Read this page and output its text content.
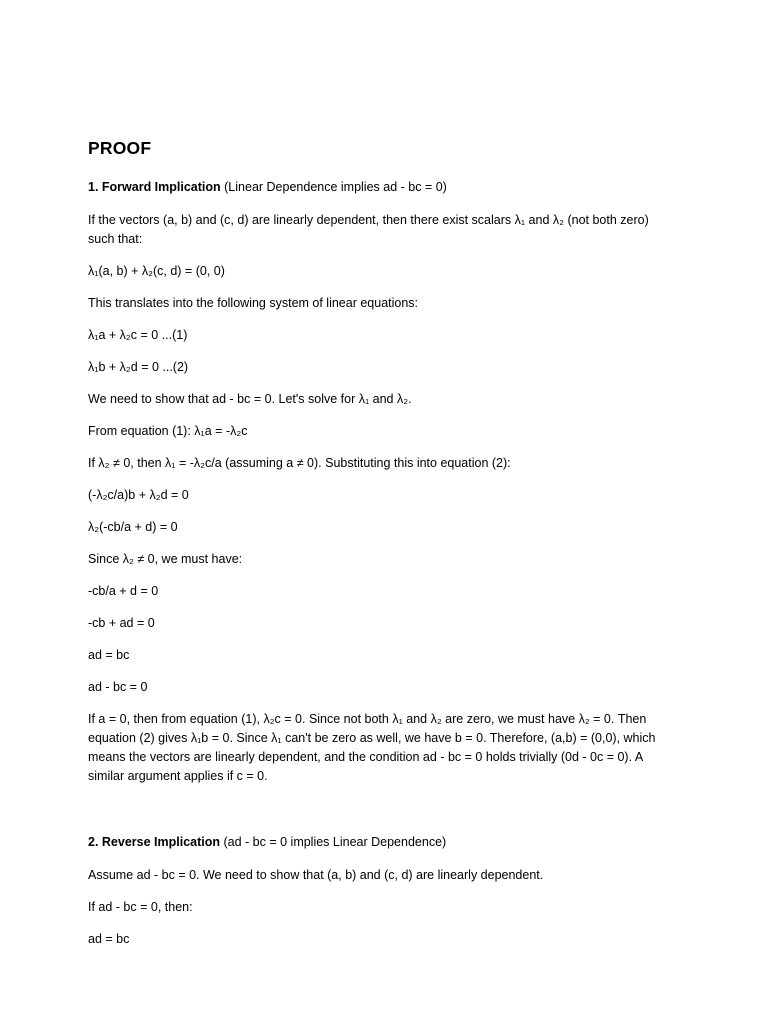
PROOF

1. Forward Implication (Linear Dependence implies ad - bc = 0)

If the vectors (a, b) and (c, d) are linearly dependent, then there exist scalars λ₁ and λ₂ (not both zero)

such that:

λ₁(a, b) + λ₂(c, d) = (0, 0)

This translates into the following system of linear equations:

λ₁a + λ₂c = 0 ...(1)

λ₁b + λ₂d = 0 ...(2)

We need to show that ad - bc = 0. Let's solve for λ₁ and λ₂.

From equation (1): λ₁a = -λ₂c

If λ₂ ≠ 0, then λ₁ = -λ₂c/a (assuming a ≠ 0). Substituting this into equation (2):

(-λ₂c/a)b + λ₂d = 0

λ₂(-cb/a + d) = 0

Since λ₂ ≠ 0, we must have:

-cb/a + d = 0

-cb + ad = 0

ad = bc

ad - bc = 0

If a = 0, then from equation (1), λ₂c = 0. Since not both λ₁ and λ₂ are zero, we must have λ₂ = 0. Then

equation (2) gives λ₁b = 0. Since λ₁ can't be zero as well, we have b = 0. Therefore, (a,b) = (0,0), which

means the vectors are linearly dependent, and the condition ad - bc = 0 holds trivially (0d - 0c = 0). A

similar argument applies if c = 0.

2. Reverse Implication (ad - bc = 0 implies Linear Dependence)

Assume ad - bc = 0. We need to show that (a, b) and (c, d) are linearly dependent.

If ad - bc = 0, then:

ad = bc
